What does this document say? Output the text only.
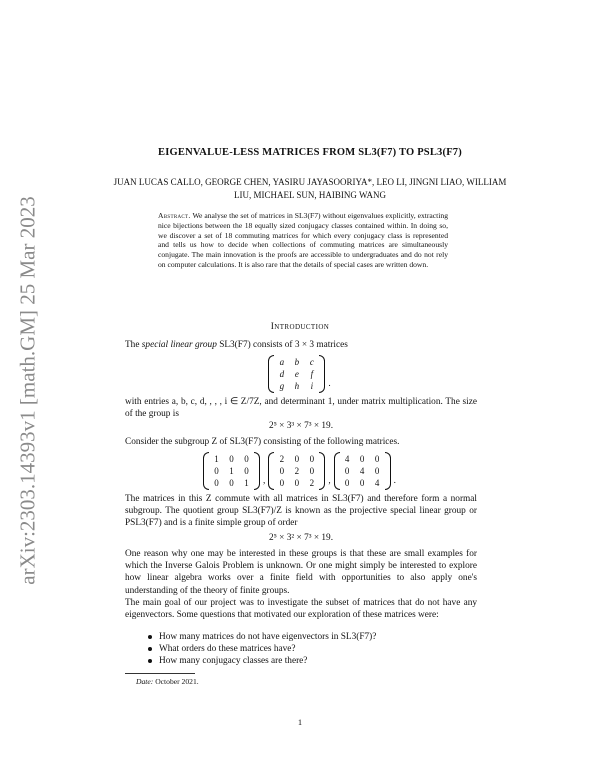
arXiv:2303.14393v1 [math.GM] 25 Mar 2023
EIGENVALUE-LESS MATRICES FROM SL3(F7) TO PSL3(F7)
JUAN LUCAS CALLO, GEORGE CHEN, YASIRU JAYASOORIYA*, LEO LI, JINGNI LIAO, WILLIAM LIU, MICHAEL SUN, HAIBING WANG
Abstract. We analyse the set of matrices in SL3(F7) without eigenvalues explicitly, extracting nice bijections between the 18 equally sized conjugacy classes contained within. In doing so, we discover a set of 18 commuting matrices for which every conjugacy class is represented and tells us how to decide when collections of commuting matrices are simultaneously conjugate. The main innovation is the proofs are accessible to undergraduates and do not rely on computer calculations. It is also rare that the details of special cases are written down.
Introduction
The special linear group SL3(F7) consists of 3 × 3 matrices
a	b	c
d	e	f
g	h	i	.
with entries a, b, c, d, , , , i ∈ Z/7Z, and determinant 1, under matrix multiplication. The size of the group is
2⁵ × 3³ × 7³ × 19.
Consider the subgroup Z of SL3(F7) consisting of the following matrices.
1	0	0
0	1	0
0	0	1	,
2	0	0
0	2	0
0	0	2	,
4	0	0
0	4	0
0	0	4	.
The matrices in this Z commute with all matrices in SL3(F7) and therefore form a normal subgroup. The quotient group SL3(F7)/Z is known as the projective special linear group or PSL3(F7) and is a finite simple group of order
2⁵ × 3² × 7³ × 19.
One reason why one may be interested in these groups is that these are small examples for which the Inverse Galois Problem is unknown. Or one might simply be interested to explore how linear algebra works over a finite field with opportunities to also apply one's understanding of the theory of finite groups.
The main goal of our project was to investigate the subset of matrices that do not have any eigenvectors. Some questions that motivated our exploration of these matrices were:
How many matrices do not have eigenvectors in SL3(F7)?
What orders do these matrices have?
How many conjugacy classes are there?
Date: October 2021.
1
